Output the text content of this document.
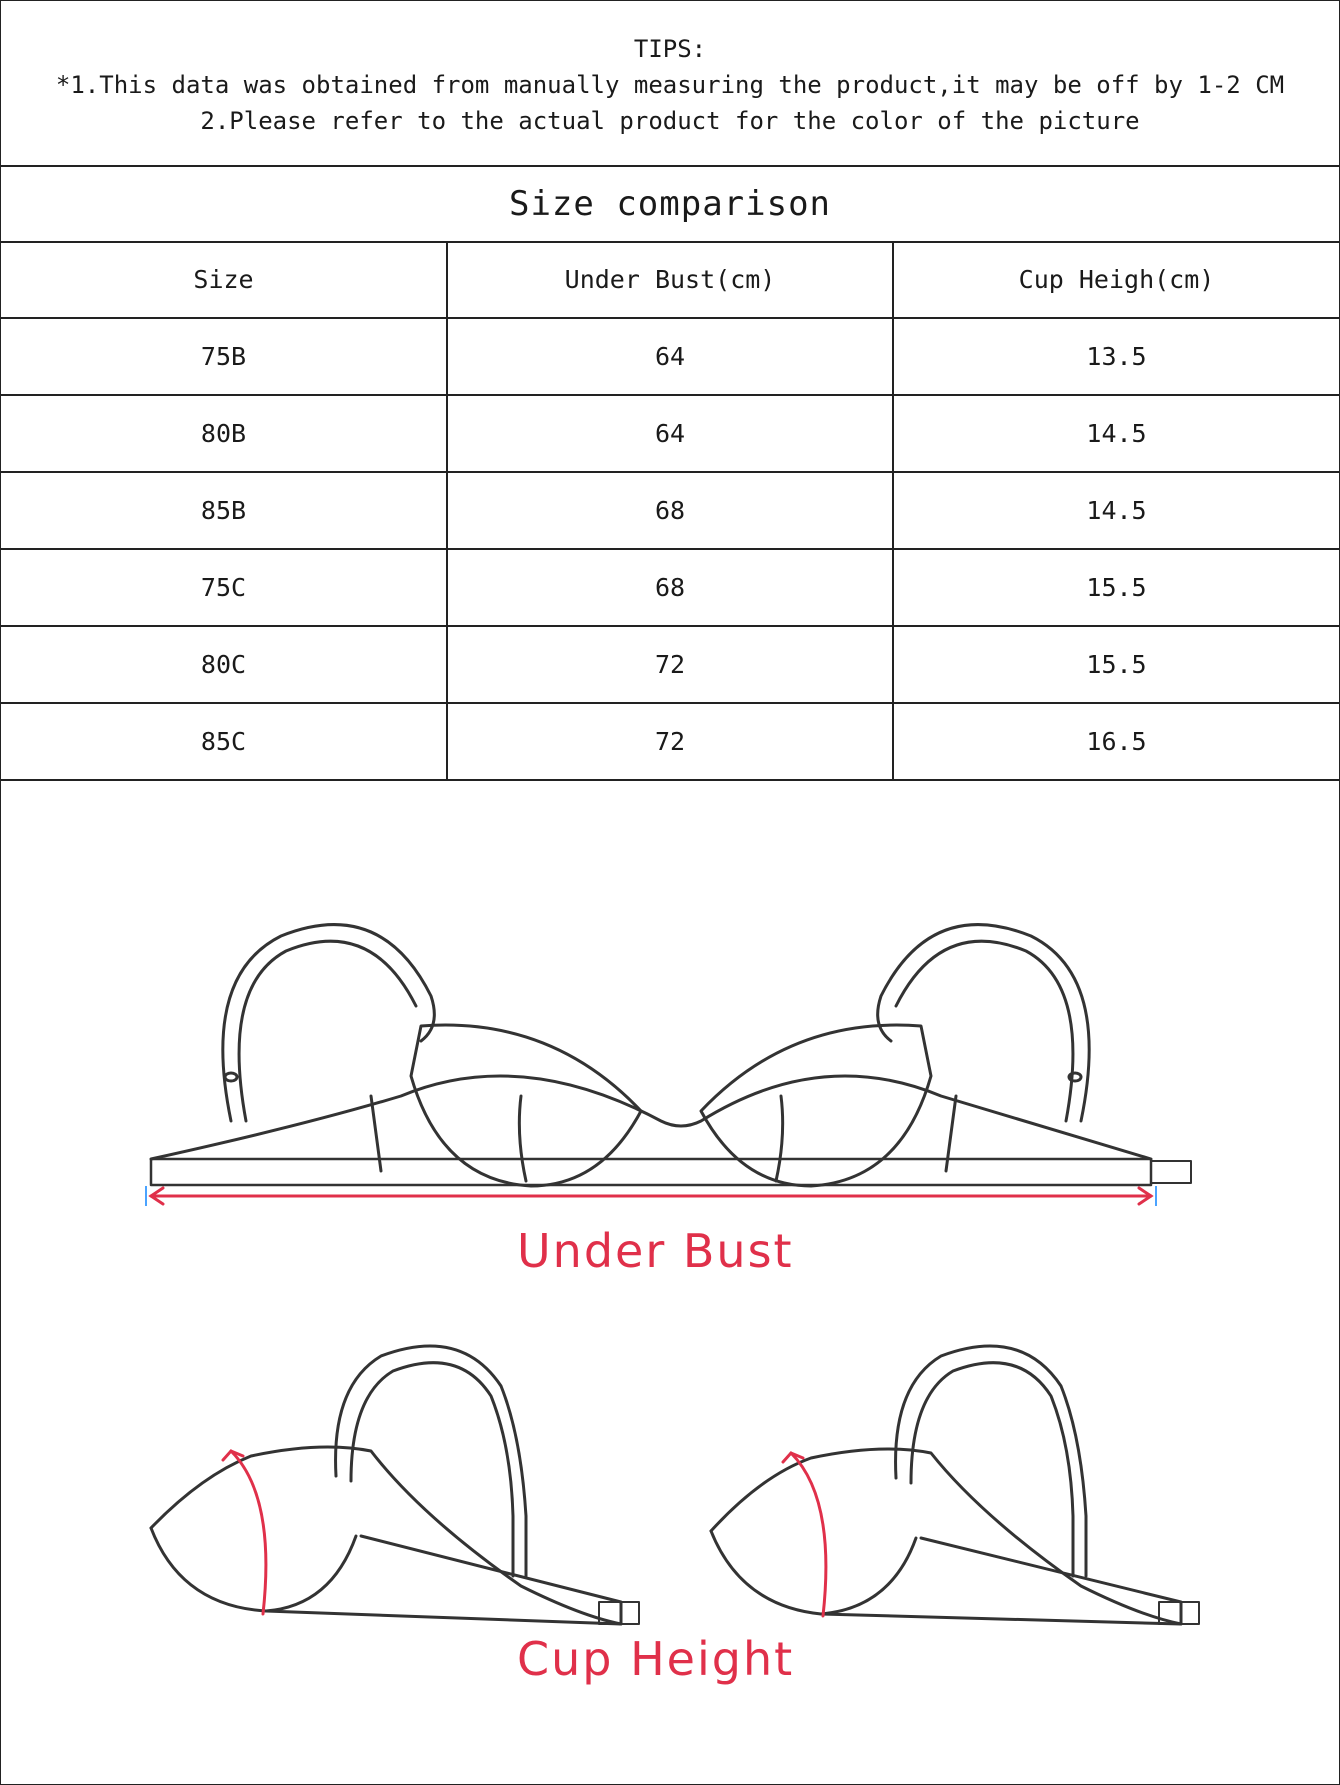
TIPS:
*1.This data was obtained from manually measuring the product,it may be off by 1-2 CM
2.Please refer to the actual product for the color of the picture
Size comparison
Size	Under Bust(cm)	Cup Heigh(cm)
75B	64	13.5
80B	64	14.5
85B	68	14.5
75C	68	15.5
80C	72	15.5
85C	72	16.5
Under Bust
Cup Height
